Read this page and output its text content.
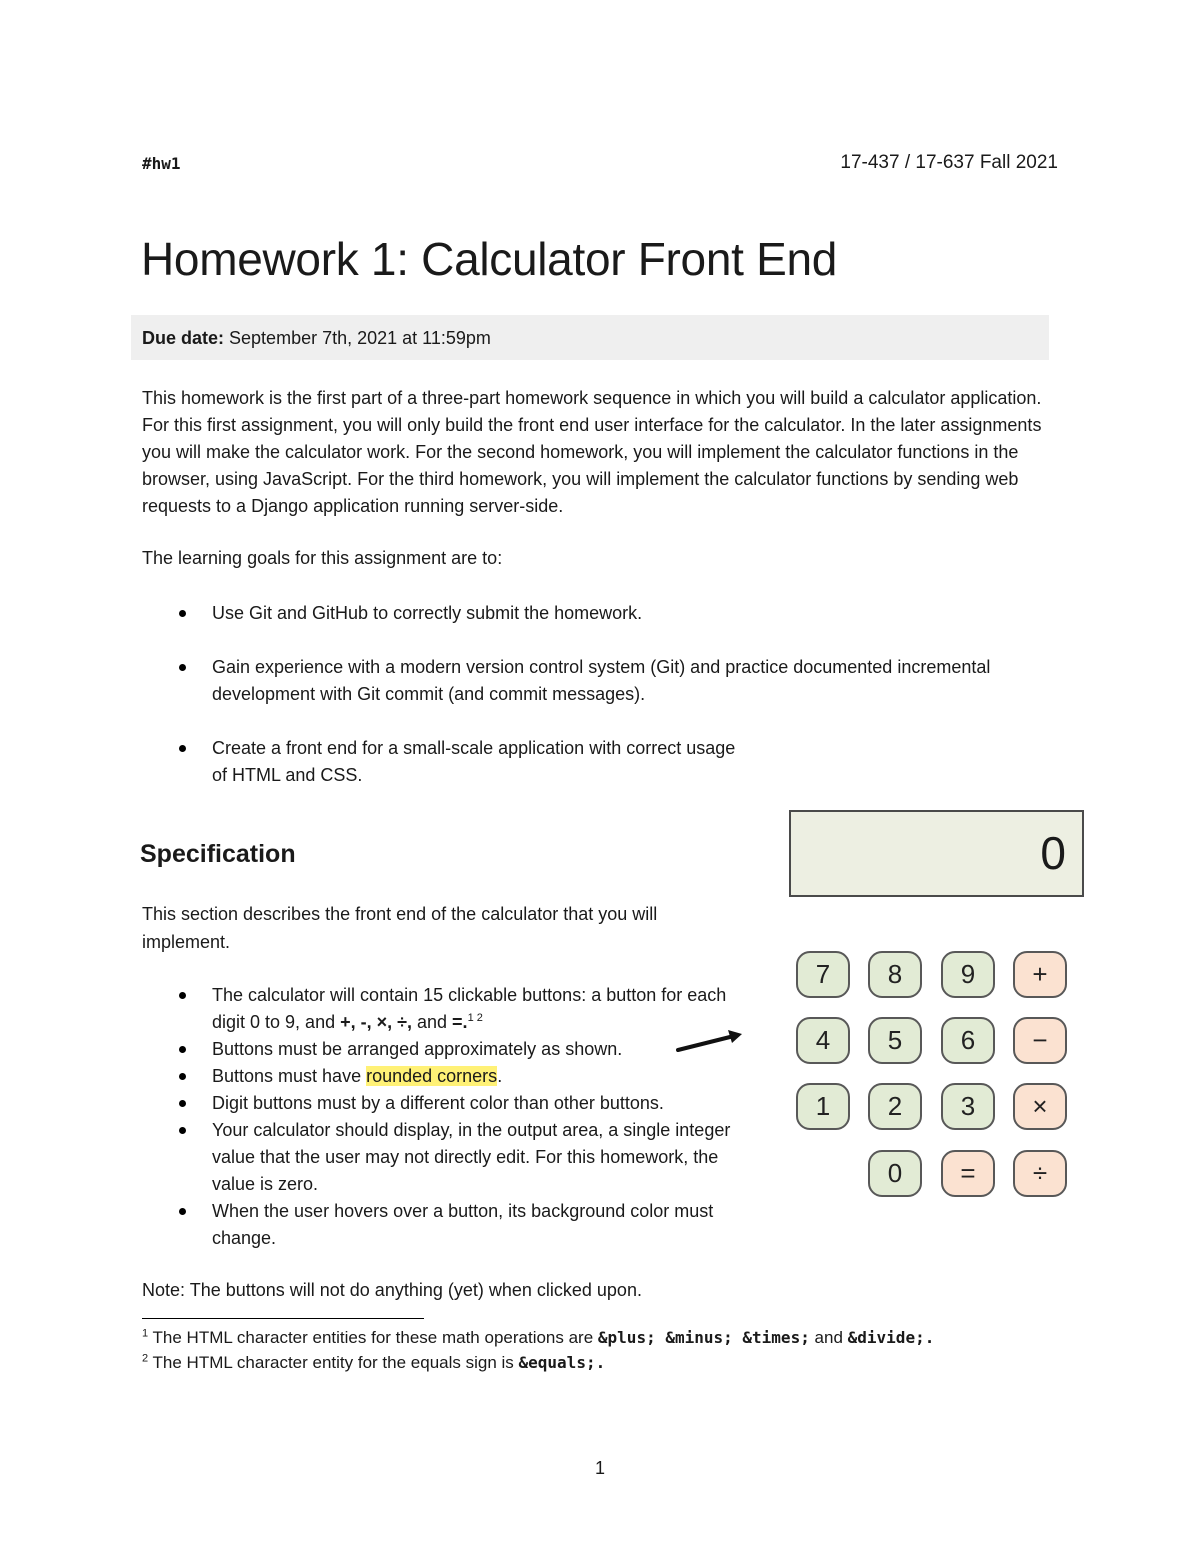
#hw1	17-437 / 17-637 Fall 2021
Homework 1: Calculator Front End
Due date: September 7th, 2021 at 11:59pm

This homework is the first part of a three-part homework sequence in which you will build a calculator application. For this first assignment, you will only build the front end user interface for the calculator. In the later assignments you will make the calculator work. For the second homework, you will implement the calculator functions in the browser, using JavaScript. For the third homework, you will implement the calculator functions by sending web requests to a Django application running server-side.

The learning goals for this assignment are to:
Use Git and GitHub to correctly submit the homework.
Gain experience with a modern version control system (Git) and practice documented incremental development with Git commit (and commit messages).
Create a front end for a small-scale application with correct usage of HTML and CSS.
Specification

This section describes the front end of the calculator that you will implement.

The calculator will contain 15 clickable buttons: a button for each digit 0 to 9, and +, -, ×, ÷, and =.$^{1 2}$
Buttons must be arranged approximately as shown.
Buttons must have rounded corners.
Digit buttons must by a different color than other buttons.
Your calculator should display, in the output area, a single integer value that the user may not directly edit. For this homework, the value is zero.
When the user hovers over a button, its background color must change.
Note: The buttons will not do anything (yet) when clicked upon.
$^1$ The HTML character entities for these math operations are &plus; &minus; &times; and &divide;.
$^2$ The HTML character entity for the equals sign is &equals;.
0
7	8	9	+
4	5	6	−
1	2	3	×
0	=	÷
1
